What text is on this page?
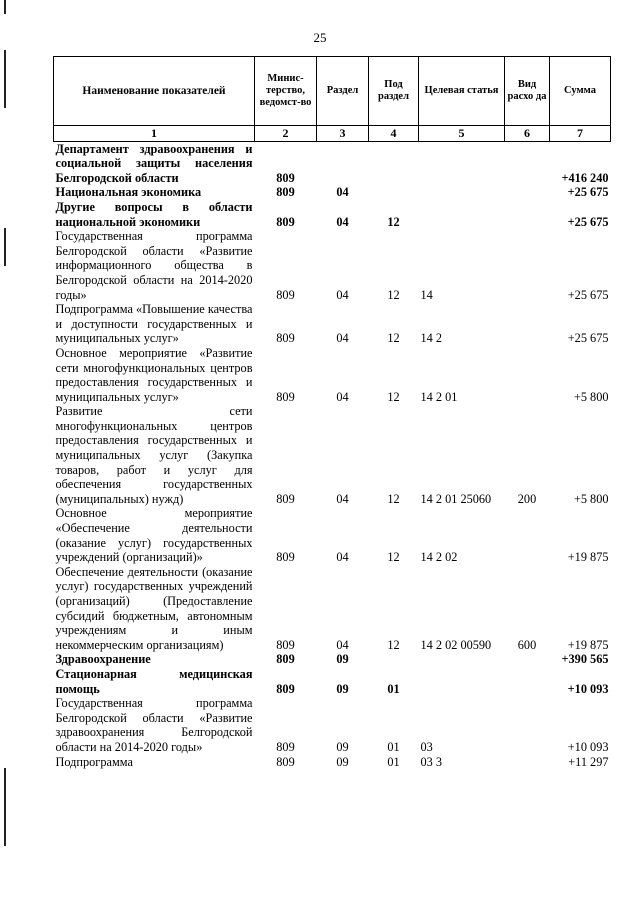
25
Наименование показателей	Минис-терство, ведомст-во	Раздел	Под раздел	Целевая статья	Вид расхо да	Сумма
1	2	3	4	5	6	7
Департамент здравоохранения и социальной защиты населения Белгородской области	809					+416 240
Национальная экономика	809	04				+25 675
Другие вопросы в области национальной экономики	809	04	12			+25 675
Государственная программа Белгородской области «Развитие информационного общества в Белгородской области на 2014-2020 годы»	809	04	12	14		+25 675
Подпрограмма «Повышение качества и доступности государственных и муниципальных услуг»	809	04	12	14 2		+25 675
Основное мероприятие «Развитие сети многофункциональных центров предоставления государственных и муниципальных услуг»	809	04	12	14 2 01		+5 800
Развитие сети многофункциональных центров предоставления государственных и муниципальных услуг (Закупка товаров, работ и услуг для обеспечения государственных (муниципальных) нужд)	809	04	12	14 2 01 25060	200	+5 800
Основное мероприятие «Обеспечение деятельности (оказание услуг) государственных учреждений (организаций)»	809	04	12	14 2 02		+19 875
Обеспечение деятельности (оказание услуг) государственных учреждений (организаций) (Предоставление субсидий бюджетным, автономным учреждениям и иным некоммерческим организациям)	809	04	12	14 2 02 00590	600	+19 875
Здравоохранение	809	09				+390 565
Стационарная медицинская помощь	809	09	01			+10 093
Государственная программа Белгородской области «Развитие здравоохранения Белгородской области на 2014-2020 годы»	809	09	01	03		+10 093
Подпрограмма	809	09	01	03 3		+11 297
